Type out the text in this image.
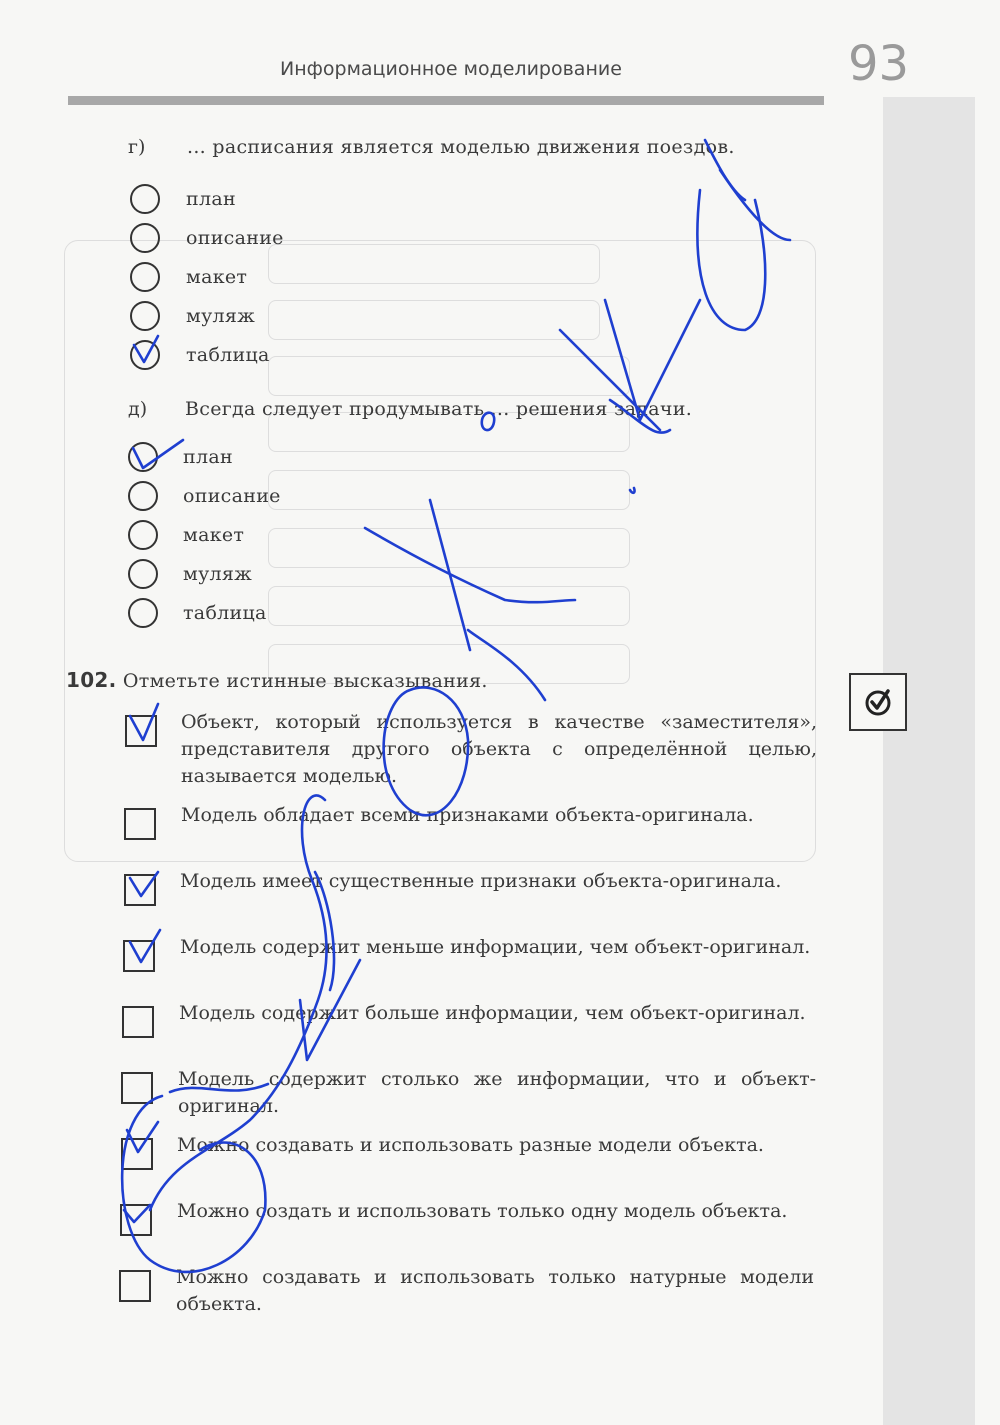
Информационное моделирование	93
г) ... расписания является моделью движения поездов.
план
описание
макет
муляж
таблица
д) Всегда следует продумывать ... решения задачи.
план
описание
макет
муляж
таблица
102. Отметьте истинные высказывания.
Объект, который используется в качестве «заместителя», представителя другого объекта с определённой целью, называется моделью.
Модель обладает всеми признаками объекта-оригинала.
Модель имеет существенные признаки объекта-оригинала.
Модель содержит меньше информации, чем объект-оригинал.
Модель содержит больше информации, чем объект-оригинал.
Модель содержит столько же информации, что и объект-оригинал.
Можно создавать и использовать разные модели объекта.
Можно создать и использовать только одну модель объекта.
Можно создавать и использовать только натурные модели объекта.
